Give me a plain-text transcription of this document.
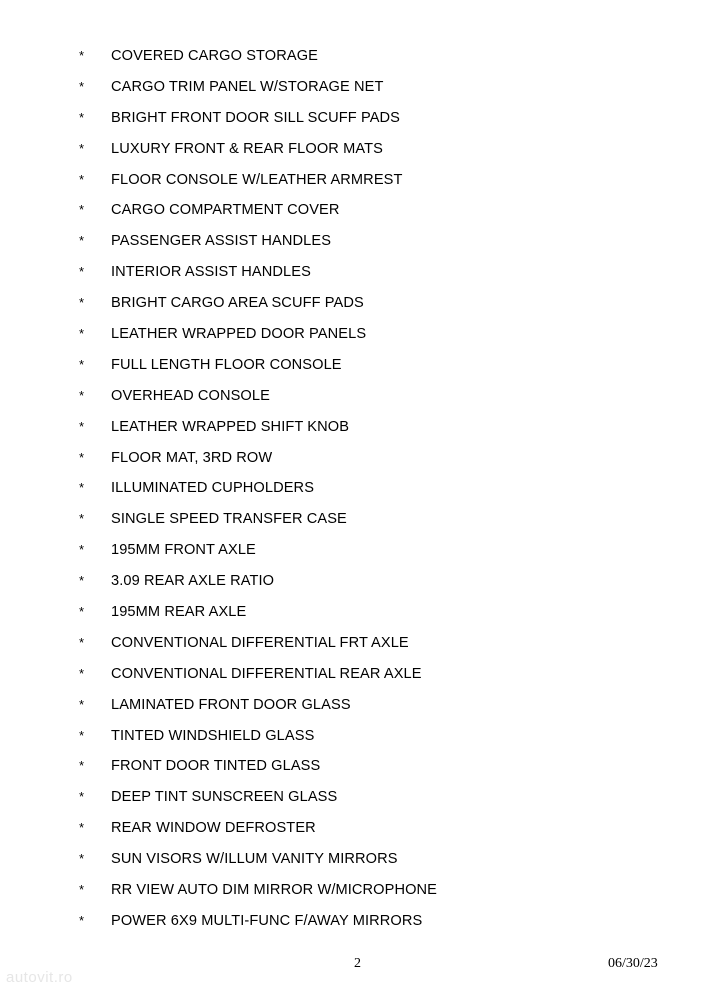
* COVERED CARGO STORAGE
* CARGO TRIM PANEL W/STORAGE NET
* BRIGHT FRONT DOOR SILL SCUFF PADS
* LUXURY FRONT & REAR FLOOR MATS
* FLOOR CONSOLE W/LEATHER ARMREST
* CARGO COMPARTMENT COVER
* PASSENGER ASSIST HANDLES
* INTERIOR ASSIST HANDLES
* BRIGHT CARGO AREA SCUFF PADS
* LEATHER WRAPPED DOOR PANELS
* FULL LENGTH FLOOR CONSOLE
* OVERHEAD CONSOLE
* LEATHER WRAPPED SHIFT KNOB
* FLOOR MAT, 3RD ROW
* ILLUMINATED CUPHOLDERS
* SINGLE SPEED TRANSFER CASE
* 195MM FRONT AXLE
* 3.09 REAR AXLE RATIO
* 195MM REAR AXLE
* CONVENTIONAL DIFFERENTIAL FRT AXLE
* CONVENTIONAL DIFFERENTIAL REAR AXLE
* LAMINATED FRONT DOOR GLASS
* TINTED WINDSHIELD GLASS
* FRONT DOOR TINTED GLASS
* DEEP TINT SUNSCREEN GLASS
* REAR WINDOW DEFROSTER
* SUN VISORS W/ILLUM VANITY MIRRORS
* RR VIEW AUTO DIM MIRROR W/MICROPHONE
* POWER 6X9 MULTI-FUNC F/AWAY MIRRORS
2	06/30/23
autovit.ro
